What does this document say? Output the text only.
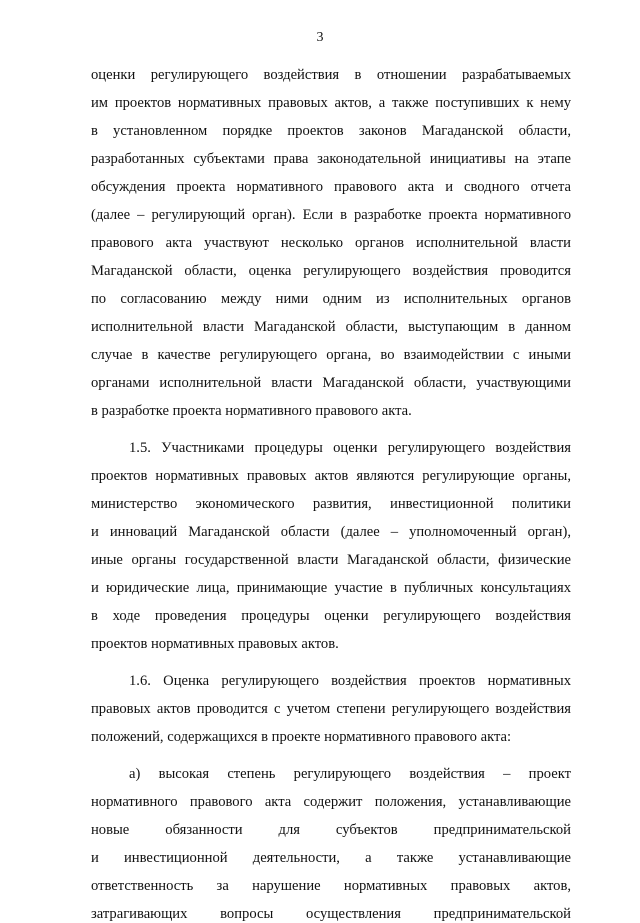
3
оценки регулирующего воздействия в отношении разрабатываемых
им проектов нормативных правовых актов, а также поступивших к нему
в установленном порядке проектов законов Магаданской области,
разработанных субъектами права законодательной инициативы на этапе
обсуждения проекта нормативного правового акта и сводного отчета
(далее – регулирующий орган). Если в разработке проекта нормативного
правового акта участвуют несколько органов исполнительной власти
Магаданской области, оценка регулирующего воздействия проводится
по согласованию между ними одним из исполнительных органов
исполнительной власти Магаданской области, выступающим в данном
случае в качестве регулирующего органа, во взаимодействии с иными
органами исполнительной власти Магаданской области, участвующими
в разработке проекта нормативного правового акта.
1.5. Участниками процедуры оценки регулирующего воздействия
проектов нормативных правовых актов являются регулирующие органы,
министерство экономического развития, инвестиционной политики
и инноваций Магаданской области (далее – уполномоченный орган),
иные органы государственной власти Магаданской области, физические
и юридические лица, принимающие участие в публичных консультациях
в ходе проведения процедуры оценки регулирующего воздействия
проектов нормативных правовых актов.
1.6. Оценка регулирующего воздействия проектов нормативных
правовых актов проводится с учетом степени регулирующего воздействия
положений, содержащихся в проекте нормативного правового акта:
а) высокая степень регулирующего воздействия – проект
нормативного правового акта содержит положения, устанавливающие
новые обязанности для субъектов предпринимательской
и инвестиционной деятельности, а также устанавливающие
ответственность за нарушение нормативных правовых актов,
затрагивающих вопросы осуществления предпринимательской
